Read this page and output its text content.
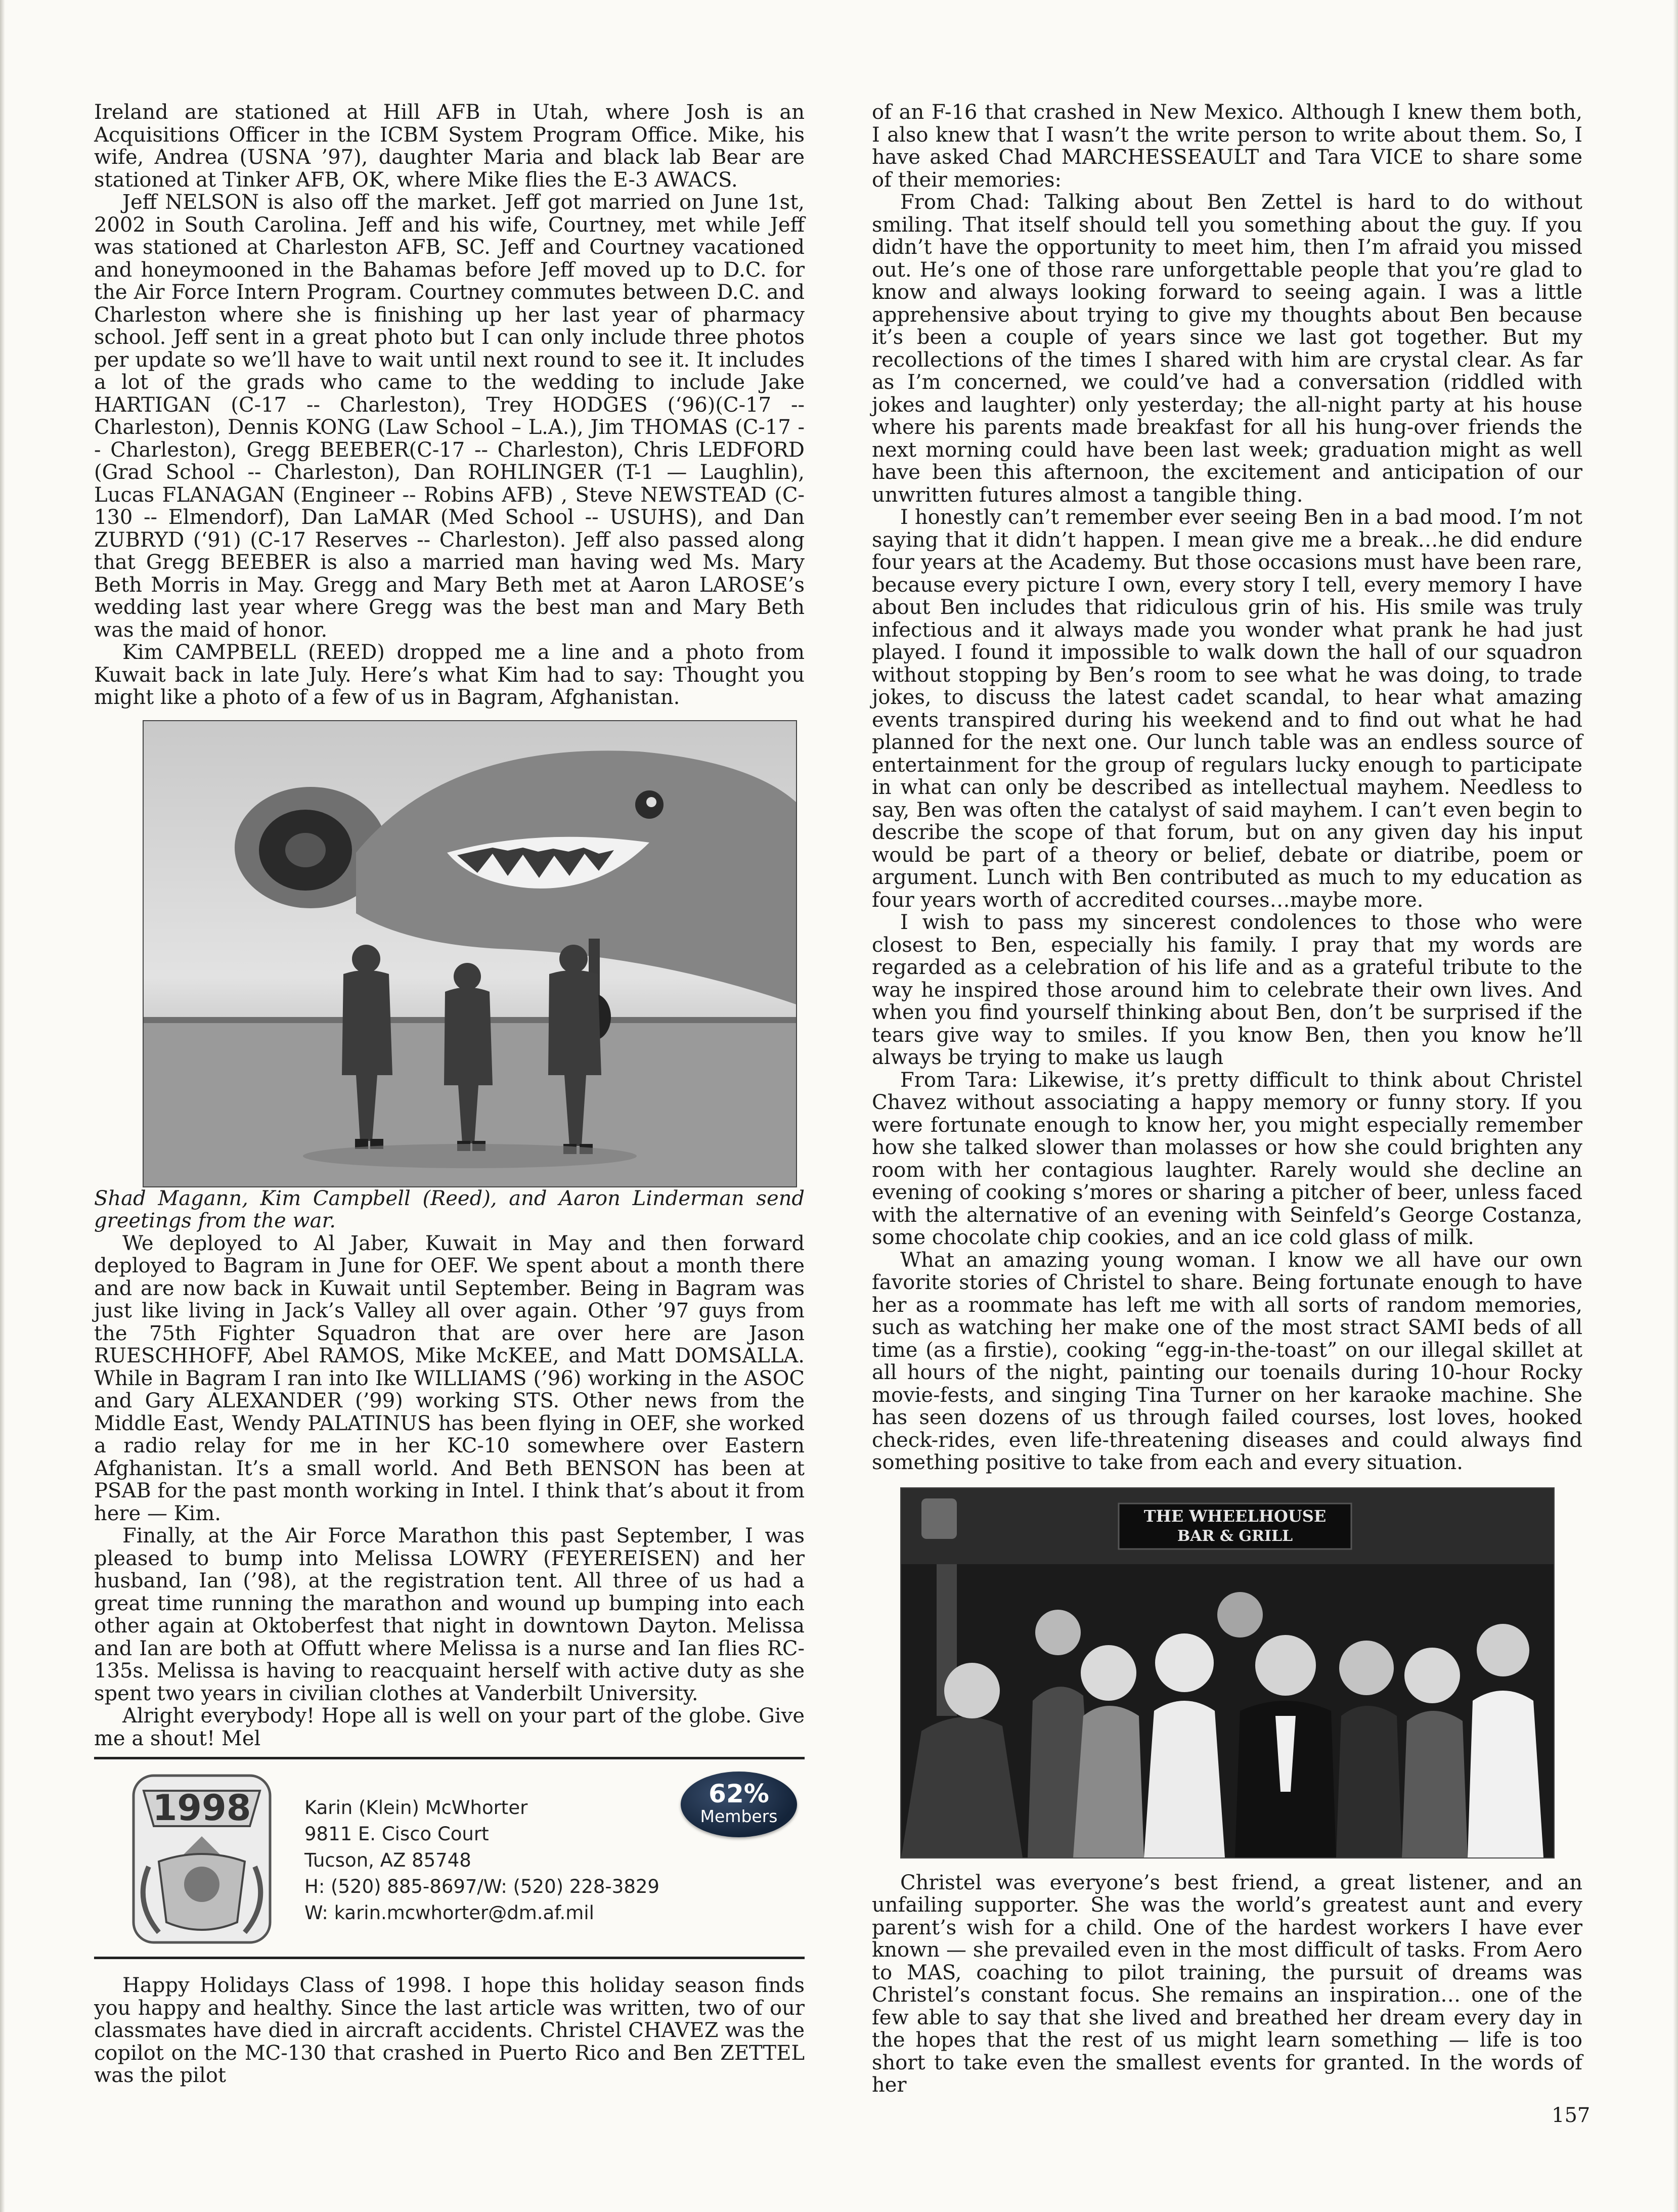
Ireland are stationed at Hill AFB in Utah, where Josh is an Acquisitions Officer in the ICBM System Program Office. Mike, his wife, Andrea (USNA ’97), daughter Maria and black lab Bear are stationed at Tinker AFB, OK, where Mike flies the E-3 AWACS.

Jeff NELSON is also off the market. Jeff got married on June 1st, 2002 in South Carolina. Jeff and his wife, Courtney, met while Jeff was stationed at Charleston AFB, SC. Jeff and Courtney vacationed and honeymooned in the Bahamas before Jeff moved up to D.C. for the Air Force Intern Program. Courtney commutes between D.C. and Charleston where she is finishing up her last year of pharmacy school. Jeff sent in a great photo but I can only include three photos per update so we’ll have to wait until next round to see it. It includes a lot of the grads who came to the wedding to include Jake HARTIGAN (C-17 -- Charleston), Trey HODGES (‘96)(C-17 -- Charleston), Dennis KONG (Law School – L.A.), Jim THOMAS (C-17 -- Charleston), Gregg BEEBER(C-17 -- Charleston), Chris LEDFORD (Grad School -- Charleston), Dan ROHLINGER (T-1 — Laughlin), Lucas FLANAGAN (Engineer -- Robins AFB) , Steve NEWSTEAD (C-130 -- Elmendorf), Dan LaMAR (Med School -- USUHS), and Dan ZUBRYD (‘91) (C-17 Reserves -- Charleston). Jeff also passed along that Gregg BEEBER is also a married man having wed Ms. Mary Beth Morris in May. Gregg and Mary Beth met at Aaron LAROSE’s wedding last year where Gregg was the best man and Mary Beth was the maid of honor.

Kim CAMPBELL (REED) dropped me a line and a photo from Kuwait back in late July. Here’s what Kim had to say: Thought you might like a photo of a few of us in Bagram, Afghanistan.

Shad Magann, Kim Campbell (Reed), and Aaron Linderman send greetings from the war.

We deployed to Al Jaber, Kuwait in May and then forward deployed to Bagram in June for OEF. We spent about a month there and are now back in Kuwait until September. Being in Bagram was just like living in Jack’s Valley all over again. Other ’97 guys from the 75th Fighter Squadron that are over here are Jason RUESCHHOFF, Abel RAMOS, Mike McKEE, and Matt DOMSALLA. While in Bagram I ran into Ike WILLIAMS (’96) working in the ASOC and Gary ALEXANDER (’99) working STS. Other news from the Middle East, Wendy PALATINUS has been flying in OEF, she worked a radio relay for me in her KC-10 somewhere over Eastern Afghanistan. It’s a small world. And Beth BENSON has been at PSAB for the past month working in Intel. I think that’s about it from here — Kim.

Finally, at the Air Force Marathon this past September, I was pleased to bump into Melissa LOWRY (FEYEREISEN) and her husband, Ian (’98), at the registration tent. All three of us had a great time running the marathon and wound up bumping into each other again at Oktoberfest that night in downtown Dayton. Melissa and Ian are both at Offutt where Melissa is a nurse and Ian flies RC-135s. Melissa is having to reacquaint herself with active duty as she spent two years in civilian clothes at Vanderbilt University.

Alright everybody! Hope all is well on your part of the globe. Give me a shout! Mel

1998	Karin (Klein) McWhorter
9811 E. Cisco Court
Tucson, AZ 85748
H: (520) 885-8697/W: (520) 228-3829
W: karin.mcwhorter@dm.af.mil
62%
Members

Happy Holidays Class of 1998. I hope this holiday season finds you happy and healthy. Since the last article was written, two of our classmates have died in aircraft accidents. Christel CHAVEZ was the copilot on the MC-130 that crashed in Puerto Rico and Ben ZETTEL was the pilot

of an F-16 that crashed in New Mexico. Although I knew them both, I also knew that I wasn’t the write person to write about them. So, I have asked Chad MARCHESSEAULT and Tara VICE to share some of their memories:

From Chad: Talking about Ben Zettel is hard to do without smiling. That itself should tell you something about the guy. If you didn’t have the opportunity to meet him, then I’m afraid you missed out. He’s one of those rare unforgettable people that you’re glad to know and always looking forward to seeing again. I was a little apprehensive about trying to give my thoughts about Ben because it’s been a couple of years since we last got together. But my recollections of the times I shared with him are crystal clear. As far as I’m concerned, we could’ve had a conversation (riddled with jokes and laughter) only yesterday; the all-night party at his house where his parents made breakfast for all his hung-over friends the next morning could have been last week; graduation might as well have been this afternoon, the excitement and anticipation of our unwritten futures almost a tangible thing.

I honestly can’t remember ever seeing Ben in a bad mood. I’m not saying that it didn’t happen. I mean give me a break…he did endure four years at the Academy. But those occasions must have been rare, because every picture I own, every story I tell, every memory I have about Ben includes that ridiculous grin of his. His smile was truly infectious and it always made you wonder what prank he had just played. I found it impossible to walk down the hall of our squadron without stopping by Ben’s room to see what he was doing, to trade jokes, to discuss the latest cadet scandal, to hear what amazing events transpired during his weekend and to find out what he had planned for the next one. Our lunch table was an endless source of entertainment for the group of regulars lucky enough to participate in what can only be described as intellectual mayhem. Needless to say, Ben was often the catalyst of said mayhem. I can’t even begin to describe the scope of that forum, but on any given day his input would be part of a theory or belief, debate or diatribe, poem or argument. Lunch with Ben contributed as much to my education as four years worth of accredited courses…maybe more.

I wish to pass my sincerest condolences to those who were closest to Ben, especially his family. I pray that my words are regarded as a celebration of his life and as a grateful tribute to the way he inspired those around him to celebrate their own lives. And when you find yourself thinking about Ben, don’t be surprised if the tears give way to smiles. If you know Ben, then you know he’ll always be trying to make us laugh

From Tara: Likewise, it’s pretty difficult to think about Christel Chavez without associating a happy memory or funny story. If you were fortunate enough to know her, you might especially remember how she talked slower than molasses or how she could brighten any room with her contagious laughter. Rarely would she decline an evening of cooking s’mores or sharing a pitcher of beer, unless faced with the alternative of an evening with Seinfeld’s George Costanza, some chocolate chip cookies, and an ice cold glass of milk.

What an amazing young woman. I know we all have our own favorite stories of Christel to share. Being fortunate enough to have her as a roommate has left me with all sorts of random memories, such as watching her make one of the most stract SAMI beds of all time (as a firstie), cooking “egg-in-the-toast” on our illegal skillet at all hours of the night, painting our toenails during 10-hour Rocky movie-fests, and singing Tina Turner on her karaoke machine. She has seen dozens of us through failed courses, lost loves, hooked check-rides, even life-threatening diseases and could always find something positive to take from each and every situation.

THE WHEELHOUSE
BAR & GRILL

Christel was everyone’s best friend, a great listener, and an unfailing supporter. She was the world’s greatest aunt and every parent’s wish for a child. One of the hardest workers I have ever known — she prevailed even in the most difficult of tasks. From Aero to MAS, coaching to pilot training, the pursuit of dreams was Christel’s constant focus. She remains an inspiration… one of the few able to say that she lived and breathed her dream every day in the hopes that the rest of us might learn something — life is too short to take even the smallest events for granted. In the words of her

157
